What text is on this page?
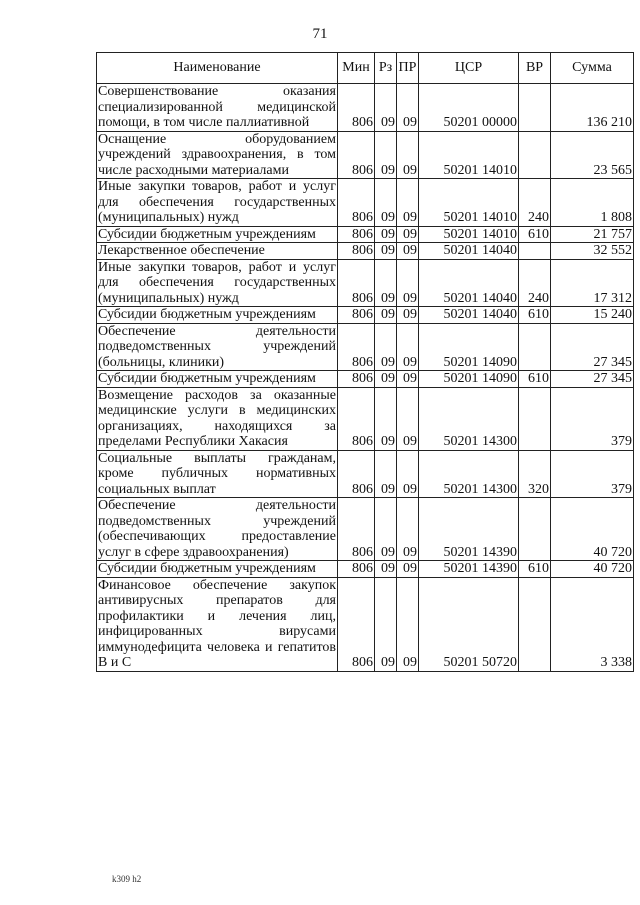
71
Наименование	Мин	Рз	ПР	ЦСР	ВР	Сумма
Совершенствование оказания специализированной медицинской помощи, в том числе паллиативной	806	09	09	50201 00000		136 210
Оснащение оборудованием учреждений здравоохранения, в том числе расходными материалами	806	09	09	50201 14010		23 565
Иные закупки товаров, работ и услуг для обеспечения государственных (муниципальных) нужд	806	09	09	50201 14010	240	1 808
Субсидии бюджетным учреждениям	806	09	09	50201 14010	610	21 757
Лекарственное обеспечение	806	09	09	50201 14040		32 552
Иные закупки товаров, работ и услуг для обеспечения государственных (муниципальных) нужд	806	09	09	50201 14040	240	17 312
Субсидии бюджетным учреждениям	806	09	09	50201 14040	610	15 240
Обеспечение деятельности подведомственных учреждений (больницы, клиники)	806	09	09	50201 14090		27 345
Субсидии бюджетным учреждениям	806	09	09	50201 14090	610	27 345
Возмещение расходов за оказанные медицинские услуги в медицинских организациях, находящихся за пределами Республики Хакасия	806	09	09	50201 14300		379
Социальные выплаты гражданам, кроме публичных нормативных социальных выплат	806	09	09	50201 14300	320	379
Обеспечение деятельности подведомственных учреждений (обеспечивающих предоставление услуг в сфере здравоохранения)	806	09	09	50201 14390		40 720
Субсидии бюджетным учреждениям	806	09	09	50201 14390	610	40 720
Финансовое обеспечение закупок антивирусных препаратов для профилактики и лечения лиц, инфицированных вирусами иммунодефицита человека и гепатитов В и С	806	09	09	50201 50720		3 338
k309 h2
